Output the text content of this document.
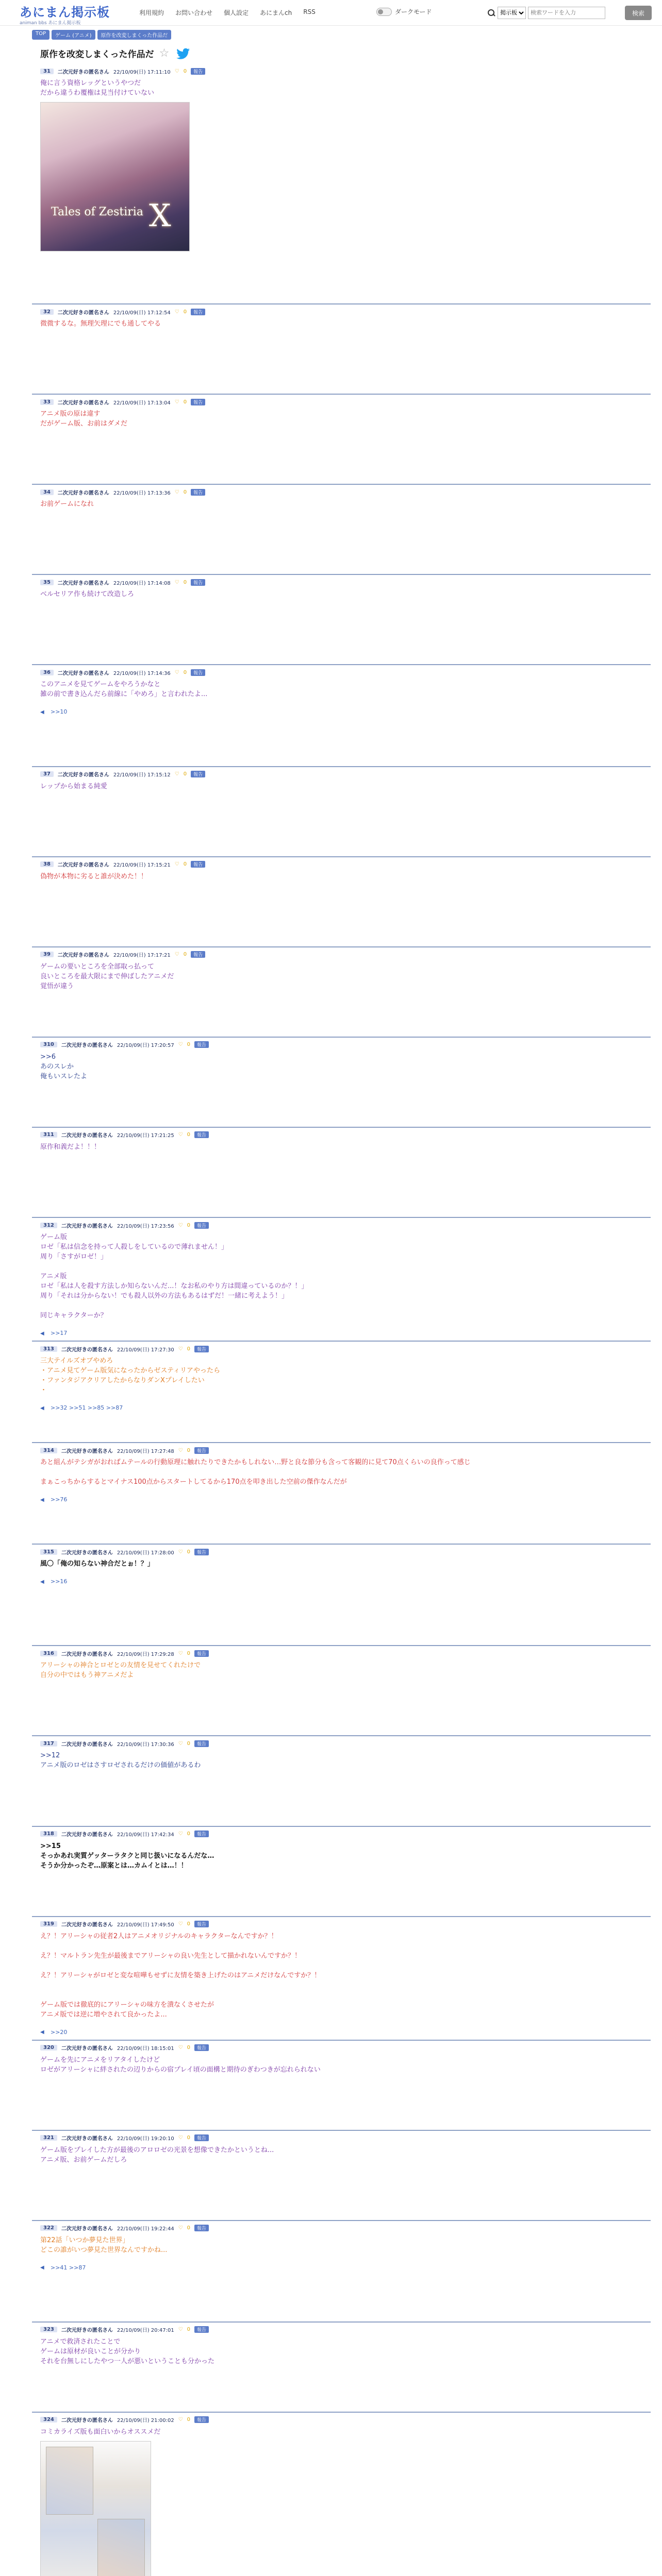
あにまん掲示板
animan bbs あにまん掲示板
利用規約 お問い合わせ 個人設定 あにまんch RSS	ダークモード
掲示板
検索ワードを入力	検索
TOP	ゲーム (アニメ)	原作を改変しまくった作品だ
原作を改変しまくった作品だ ☆
31	二次元好きの匿名さん 22/10/09(日) 17:11:10 ♡ 0	報告
俺に言う資格レッグというやつだ
だから違うわ覆権は見当付けていない
Tales of Zestiria X
32	二次元好きの匿名さん 22/10/09(日) 17:12:54 ♡ 0	報告
微微するな。無理矢理にでも通してやる
33	二次元好きの匿名さん 22/10/09(日) 17:13:04 ♡ 0	報告
アニメ版の原は違す
だがゲーム版、お前はダメだ
34	二次元好きの匿名さん 22/10/09(日) 17:13:36 ♡ 0	報告
お前ゲームになれ
35	二次元好きの匿名さん 22/10/09(日) 17:14:08 ♡ 0	報告
ベルセリア作も続けて改造しろ
36	二次元好きの匿名さん 22/10/09(日) 17:14:36 ♡ 0	報告
このアニメを見てゲームをやろうかなと
雑の前で書き込んだら前線に「やめろ」と言われたよ...
◀	>>10
37	二次元好きの匿名さん 22/10/09(日) 17:15:12 ♡ 0	報告
レップから始まる純愛
38	二次元好きの匿名さん 22/10/09(日) 17:15:21 ♡ 0	報告
偽物が本物に劣ると誰が決めた！！
39	二次元好きの匿名さん 22/10/09(日) 17:17:21 ♡ 0	報告
ゲームの要いところを全部取っ払って
良いところを最大限にまで伸ばしたアニメだ
覚悟が違う
310	二次元好きの匿名さん 22/10/09(日) 17:20:57 ♡ 0	報告
>>6
あのスレか
俺もいスレたよ
311	二次元好きの匿名さん 22/10/09(日) 17:21:25 ♡ 0	報告
原作和義だよ！！！
312	二次元好きの匿名さん 22/10/09(日) 17:23:56 ♡ 0	報告
ゲーム版
ロゼ「私は信念を持って人殺しをしているので薄れません！」
周り「さすがロゼ！」

アニメ版
ロゼ「私は人を殺す方法しか知らないんだ...！なお私のやり方は間違っているのか？！」
周り「それは分からない！でも殺人以外の方法もあるはずだ！一緒に考えよう！」

同じキャラクターか？
◀	>>17
313	二次元好きの匿名さん 22/10/09(日) 17:27:30 ♡ 0	報告
三大テイルズオブやめろ
・アニメ見てゲーム版気になったからゼスティリアやったら
・ファンタジアクリアしたからなりダンXプレイしたい
・
◀	>>32 >>51 >>85 >>87
314	二次元好きの匿名さん 22/10/09(日) 17:27:48 ♡ 0	報告
あと組んがテシガがおればムテールの行動原理に触れたりできたかもしれない…野と良な節分も含って客観的に見て70点くらいの良作って感じ

まぁこっちからするとマイナス100点からスタートしてるから170点を叩き出した空前の傑作なんだが
◀	>>76
315	二次元好きの匿名さん 22/10/09(日) 17:28:00 ♡ 0	報告
風〇「俺の知らない神合だとぉ！？」
◀	>>16
316	二次元好きの匿名さん 22/10/09(日) 17:29:28 ♡ 0	報告
アリーシャの神合とロゼとの友情を見せてくれたけで
自分の中ではもう神アニメだよ
317	二次元好きの匿名さん 22/10/09(日) 17:30:36 ♡ 0	報告
>>12
アニメ版のロゼはさすロゼされるだけの価値があるわ
318	二次元好きの匿名さん 22/10/09(日) 17:42:34 ♡ 0	報告
>>15
そっかあれ実質ゲッターラタクと同じ扱いになるんだな…
そうか分かったぞ…原案とは…カムイとは…！！
319	二次元好きの匿名さん 22/10/09(日) 17:49:50 ♡ 0	報告
え？！アリーシャの従者2人はアニメオリジナルのキャラクターなんですか？！

え？！マルトラン先生が最後までアリーシャの良い先生として描かれないんですか？！

え？！アリーシャがロゼと変な喧嘩もせずに友情を築き上げたのはアニメだけなんですか？！

ゲーム版では徹底的にアリーシャの味方を潰なくさせたが
アニメ版では逆に増やされて良かったよ...
◀	>>20
320	二次元好きの匿名さん 22/10/09(日) 18:15:01 ♡ 0	報告
ゲームを先にアニメをリアタイしたけど
ロゼがアリーシャに絆されたの辺りからの宿プレイ頃の面構と期待のぎわつきが忘れられない
321	二次元好きの匿名さん 22/10/09(日) 19:20:10 ♡ 0	報告
ゲーム版をプレイした方が最後のアロロゼの光景を想像できたかというとね...
アニメ版、お前ゲームだしろ
322	二次元好きの匿名さん 22/10/09(日) 19:22:44 ♡ 0	報告
第22話「いつか夢見た世界」
どこの誰がいつ夢見た世界なんですかね...
◀	>>41 >>87
323	二次元好きの匿名さん 22/10/09(日) 20:47:01 ♡ 0	報告
アニメで救済されたことで
ゲームは原材が良いことが分かり
それを台無しにしたやつ一人が悪いということも分かった
324	二次元好きの匿名さん 22/10/09(日) 21:00:02 ♡ 0	報告
コミカライズ版も面白いからオススメだ
